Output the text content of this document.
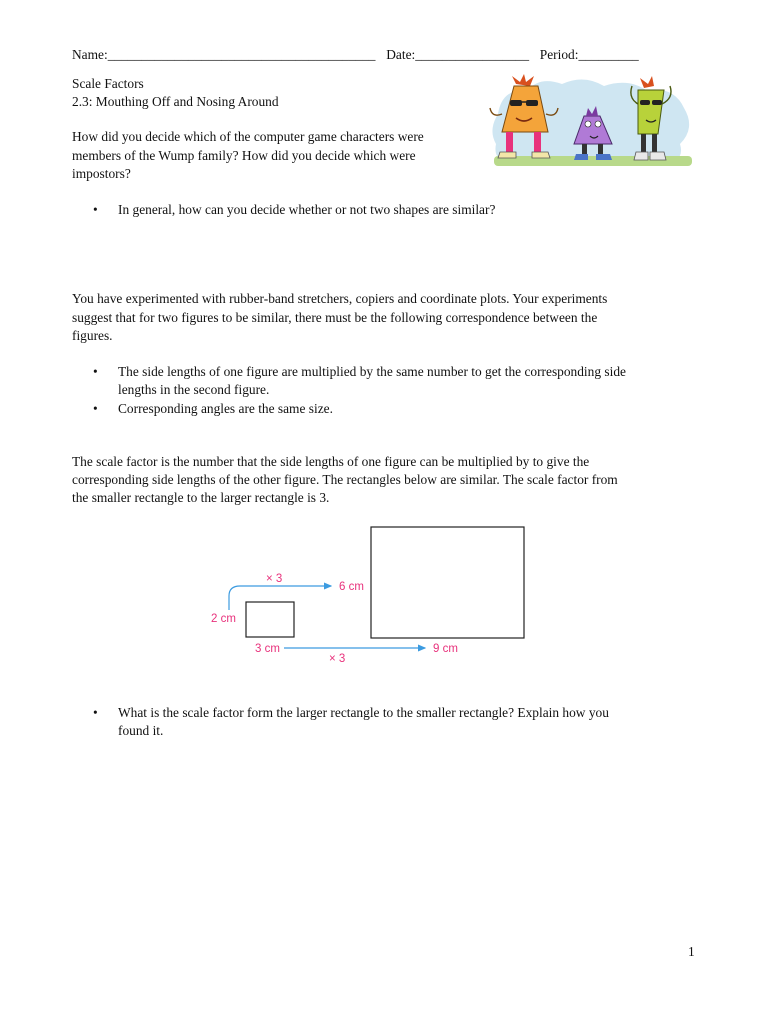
Name:________________________________________ Date:_________________ Period:_________
Scale Factors
2.3: Mouthing Off and Nosing Around
How did you decide which of the computer game characters were
members of the Wump family? How did you decide which were
impostors?
• In general, how can you decide whether or not two shapes are similar?
You have experimented with rubber-band stretchers, copiers and coordinate plots. Your experiments
suggest that for two figures to be similar, there must be the following correspondence between the
figures.
• The side lengths of one figure are multiplied by the same number to get the corresponding side
lengths in the second figure.
• Corresponding angles are the same size.
The scale factor is the number that the side lengths of one figure can be multiplied by to give the
corresponding side lengths of the other figure. The rectangles below are similar. The scale factor from
the smaller rectangle to the larger rectangle is 3.
× 3
6 cm
2 cm
3 cm	9 cm
× 3
• What is the scale factor form the larger rectangle to the smaller rectangle? Explain how you
found it.
1
